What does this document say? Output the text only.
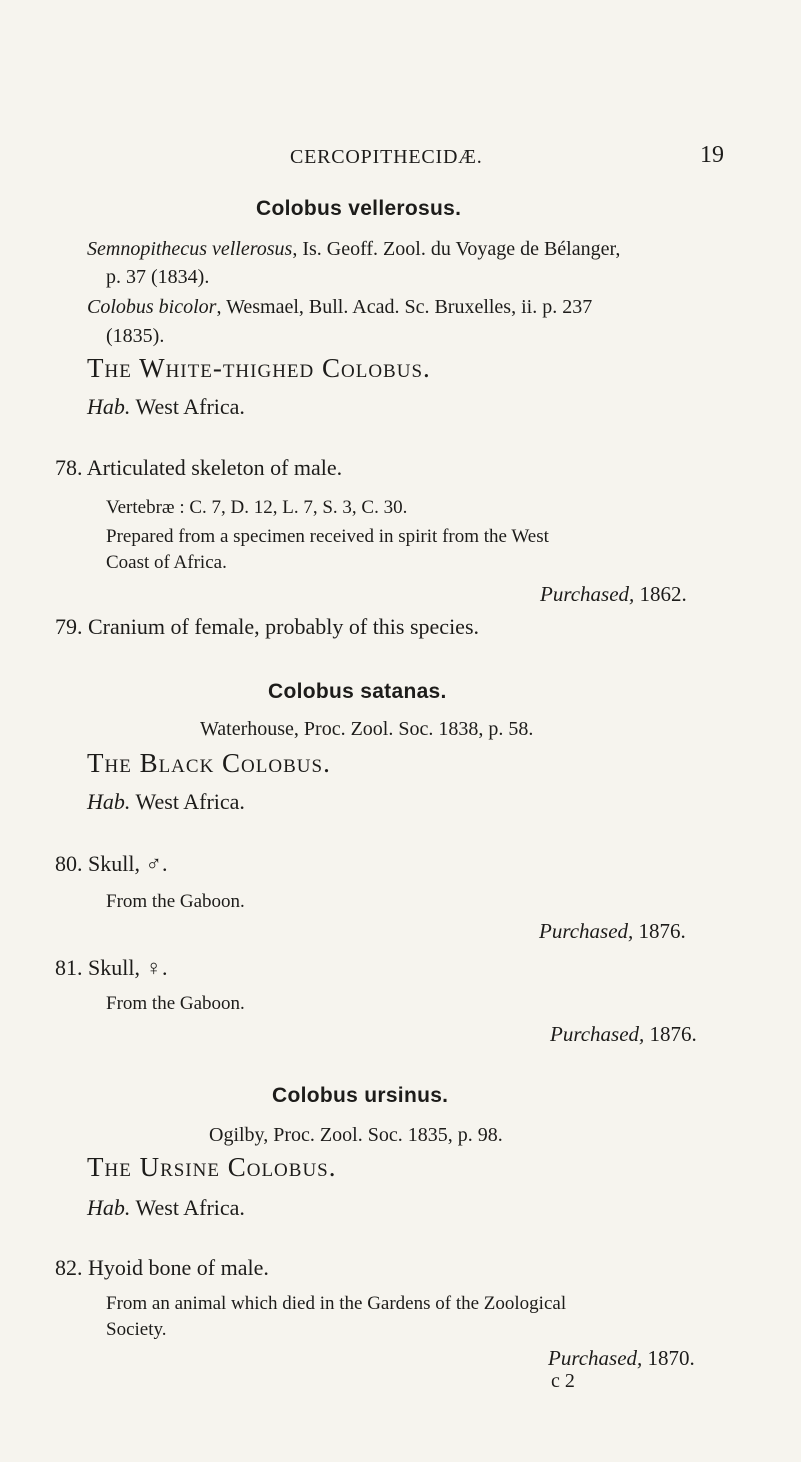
CERCOPITHECIDÆ.	19
Colobus vellerosus.
Semnopithecus vellerosus, Is. Geoff. Zool. du Voyage de Bélanger,
p. 37 (1834).
Colobus bicolor, Wesmael, Bull. Acad. Sc. Bruxelles, ii. p. 237
(1835).
The White-thighed Colobus.
Hab. West Africa.
78. Articulated skeleton of male.
Vertebræ : C. 7, D. 12, L. 7, S. 3, C. 30.
Prepared from a specimen received in spirit from the West
Coast of Africa.
Purchased, 1862.
79. Cranium of female, probably of this species.
Colobus satanas.
Waterhouse, Proc. Zool. Soc. 1838, p. 58.
The Black Colobus.
Hab. West Africa.
80. Skull, ♂.
From the Gaboon.
Purchased, 1876.
81. Skull, ♀.
From the Gaboon.
Purchased, 1876.
Colobus ursinus.
Ogilby, Proc. Zool. Soc. 1835, p. 98.
The Ursine Colobus.
Hab. West Africa.
82. Hyoid bone of male.
From an animal which died in the Gardens of the Zoological
Society.
Purchased, 1870.
c 2
